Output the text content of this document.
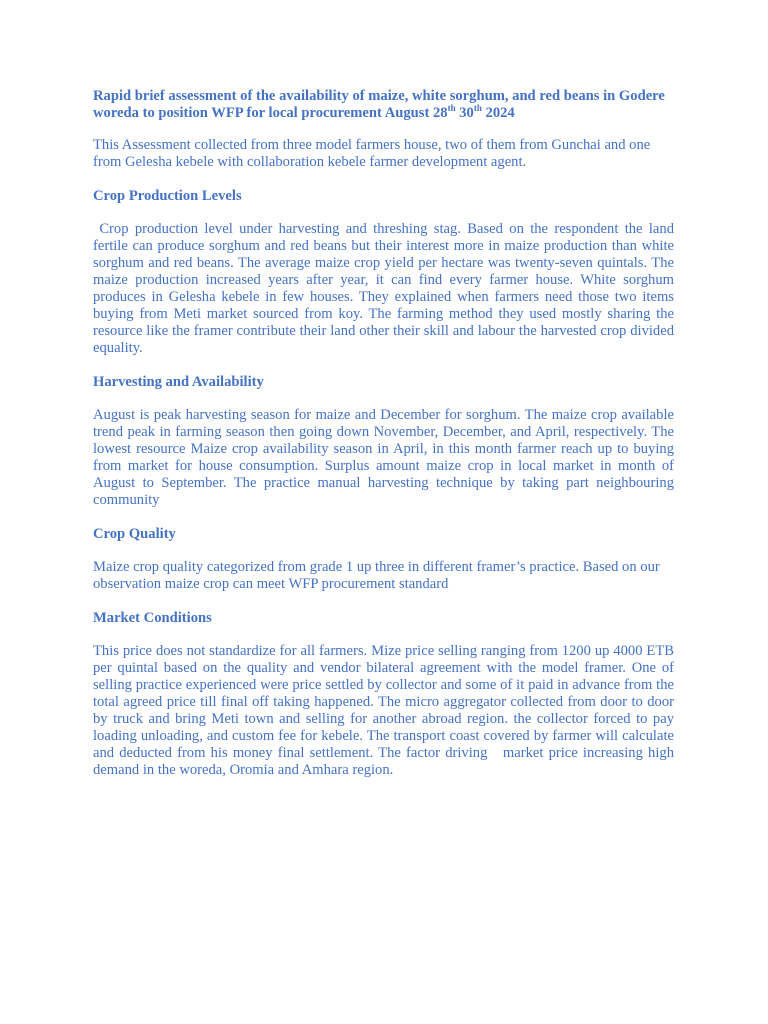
Rapid brief assessment of the availability of maize, white sorghum, and red beans in Godere woreda to position WFP for local procurement August 28th 30th 2024

This Assessment collected from three model farmers house, two of them from Gunchai and one from Gelesha kebele with collaboration kebele farmer development agent.

Crop Production Levels

Crop production level under harvesting and threshing stag. Based on the respondent the land fertile can produce sorghum and red beans but their interest more in maize production than white sorghum and red beans. The average maize crop yield per hectare was twenty-seven quintals. The maize production increased years after year, it can find every farmer house. White sorghum produces in Gelesha kebele in few houses. They explained when farmers need those two items buying from Meti market sourced from koy. The farming method they used mostly sharing the resource like the framer contribute their land other their skill and labour the harvested crop divided equality.

Harvesting and Availability

August is peak harvesting season for maize and December for sorghum. The maize crop available trend peak in farming season then going down November, December, and April, respectively. The lowest resource Maize crop availability season in April, in this month farmer reach up to buying from market for house consumption. Surplus amount maize crop in local market in month of August to September. The practice manual harvesting technique by taking part neighbouring community

Crop Quality

Maize crop quality categorized from grade 1 up three in different framer’s practice. Based on our observation maize crop can meet WFP procurement standard

Market Conditions

This price does not standardize for all farmers. Mize price selling ranging from 1200 up 4000 ETB per quintal based on the quality and vendor bilateral agreement with the model framer. One of selling practice experienced were price settled by collector and some of it paid in advance from the total agreed price till final off taking happened. The micro aggregator collected from door to door by truck and bring Meti town and selling for another abroad region. the collector forced to pay loading unloading, and custom fee for kebele. The transport coast covered by farmer will calculate and deducted from his money final settlement. The factor driving   market price increasing high demand in the woreda, Oromia and Amhara region.
